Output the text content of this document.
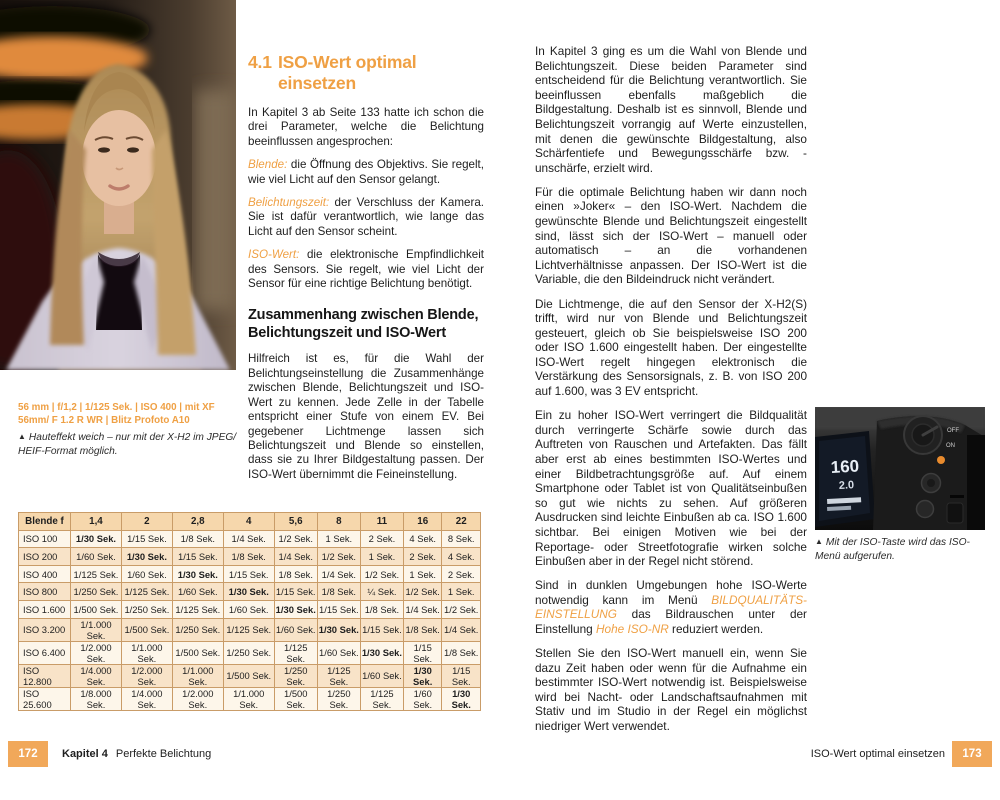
56 mm | f/1,2 | 1/125 Sek. | ISO 400 | mit XF 56mm/ F 1.2 R WR | Blitz Profoto A10
▲ Hauteffekt weich – nur mit der X-H2 im JPEG/ HEIF-Format möglich.
4.1 ISO-Wert optimal einsetzen

In Kapitel 3 ab Seite 133 hatte ich schon die drei Parameter, welche die Belichtung beeinflussen angesprochen:

Blende: die Öffnung des Objektivs. Sie regelt, wie viel Licht auf den Sensor gelangt.

Belichtungszeit: der Verschluss der Kamera. Sie ist dafür verantwortlich, wie lange das Licht auf den Sensor scheint.

ISO-Wert: die elektronische Empfindlichkeit des Sensors. Sie regelt, wie viel Licht der Sensor für eine richtige Belichtung benötigt.

Zusammenhang zwischen Blende, Belichtungszeit und ISO-Wert

Hilfreich ist es, für die Wahl der Belichtungseinstellung die Zusammenhänge zwischen Blende, Belichtungszeit und ISO-Wert zu kennen. Jede Zelle in der Tabelle entspricht einer Stufe von einem EV. Bei gegebener Lichtmenge lassen sich Belichtungszeit und Blende so einstellen, dass sie zu Ihrer Bildgestaltung passen. Der ISO-Wert übernimmt die Feineinstellung.

Blende f	1,4	2	2,8	4	5,6	8	11	16	22
ISO 100	1/30 Sek.	1/15 Sek.	1/8 Sek.	1/4 Sek.	1/2 Sek.	1 Sek.	2 Sek.	4 Sek.	8 Sek.
ISO 200	1/60 Sek.	1/30 Sek.	1/15 Sek.	1/8 Sek.	1/4 Sek.	1/2 Sek.	1 Sek.	2 Sek.	4 Sek.
ISO 400	1/125 Sek.	1/60 Sek.	1/30 Sek.	1/15 Sek.	1/8 Sek.	1/4 Sek.	1/2 Sek.	1 Sek.	2 Sek.
ISO 800	1/250 Sek.	1/125 Sek.	1/60 Sek.	1/30 Sek.	1/15 Sek.	1/8 Sek.	¼ Sek.	1/2 Sek.	1 Sek.
ISO 1.600	1/500 Sek.	1/250 Sek.	1/125 Sek.	1/60 Sek.	1/30 Sek.	1/15 Sek.	1/8 Sek.	1/4 Sek.	1/2 Sek.
ISO 3.200	1/1.000 Sek.	1/500 Sek.	1/250 Sek.	1/125 Sek.	1/60 Sek.	1/30 Sek.	1/15 Sek.	1/8 Sek.	1/4 Sek.
ISO 6.400	1/2.000 Sek.	1/1.000 Sek.	1/500 Sek.	1/250 Sek.	1/125 Sek.	1/60 Sek.	1/30 Sek.	1/15 Sek.	1/8 Sek.
ISO 12.800	1/4.000 Sek.	1/2.000 Sek.	1/1.000 Sek.	1/500 Sek.	1/250 Sek.	1/125 Sek.	1/60 Sek.	1/30 Sek.	1/15 Sek.
ISO 25.600	1/8.000 Sek.	1/4.000 Sek.	1/2.000 Sek.	1/1.000 Sek.	1/500 Sek.	1/250 Sek.	1/125 Sek.	1/60 Sek.	1/30 Sek.

In Kapitel 3 ging es um die Wahl von Blende und Belichtungszeit. Diese beiden Parameter sind entscheidend für die Belichtung verantwortlich. Sie beeinflussen ebenfalls maßgeblich die Bildgestaltung. Deshalb ist es sinnvoll, Blende und Belichtungszeit vorrangig auf Werte einzustellen, mit denen die gewünschte Bildgestaltung, also Schärfentiefe und Bewegungsschärfe bzw. -unschärfe, erzielt wird.

Für die optimale Belichtung haben wir dann noch einen »Joker« – den ISO-Wert. Nachdem die gewünschte Blende und Belichtungszeit eingestellt sind, lässt sich der ISO-Wert – manuell oder automatisch – an die vorhandenen Lichtverhältnisse anpassen. Der ISO-Wert ist die Variable, die den Bildeindruck nicht verändert.

Die Lichtmenge, die auf den Sensor der X-H2(S) trifft, wird nur von Blende und Belichtungszeit gesteuert, gleich ob Sie beispielsweise ISO 200 oder ISO 1.600 eingestellt haben. Der eingestellte ISO-Wert regelt hingegen elektronisch die Verstärkung des Sensorsignals, z. B. von ISO 200 auf 1.600, was 3 EV entspricht.

Ein zu hoher ISO-Wert verringert die Bildqualität durch verringerte Schärfe sowie durch das Auftreten von Rauschen und Artefakten. Das fällt aber erst ab eines bestimmten ISO-Wertes und einer Bildbetrachtungsgröße auf. Auf einem Smartphone oder Tablet ist von Qualitätseinbußen so gut wie nichts zu sehen. Auf größeren Ausdrucken sind leichte Einbußen ab ca. ISO 1.600 sichtbar. Bei einigen Motiven wie bei der Reportage- oder Streetfotografie wirken solche Einbußen aber in der Regel nicht störend.

Sind in dunklen Umgebungen hohe ISO-Werte notwendig kann im Menü BILDQUALITÄTS-EINSTELLUNG das Bildrauschen unter der Einstellung Hohe ISO-NR reduziert werden.

Stellen Sie den ISO-Wert manuell ein, wenn Sie dazu Zeit haben oder wenn für die Aufnahme ein bestimmter ISO-Wert notwendig ist. Beispielsweise wird bei Nacht- oder Landschaftsaufnahmen mit Stativ und im Studio in der Regel ein möglichst niedriger Wert verwendet.

160
2.0
OFF
ON
▲ Mit der ISO-Taste wird das ISO-Menü aufgerufen.
172	Kapitel 4 Perfekte Belichtung	ISO-Wert optimal einsetzen	173
